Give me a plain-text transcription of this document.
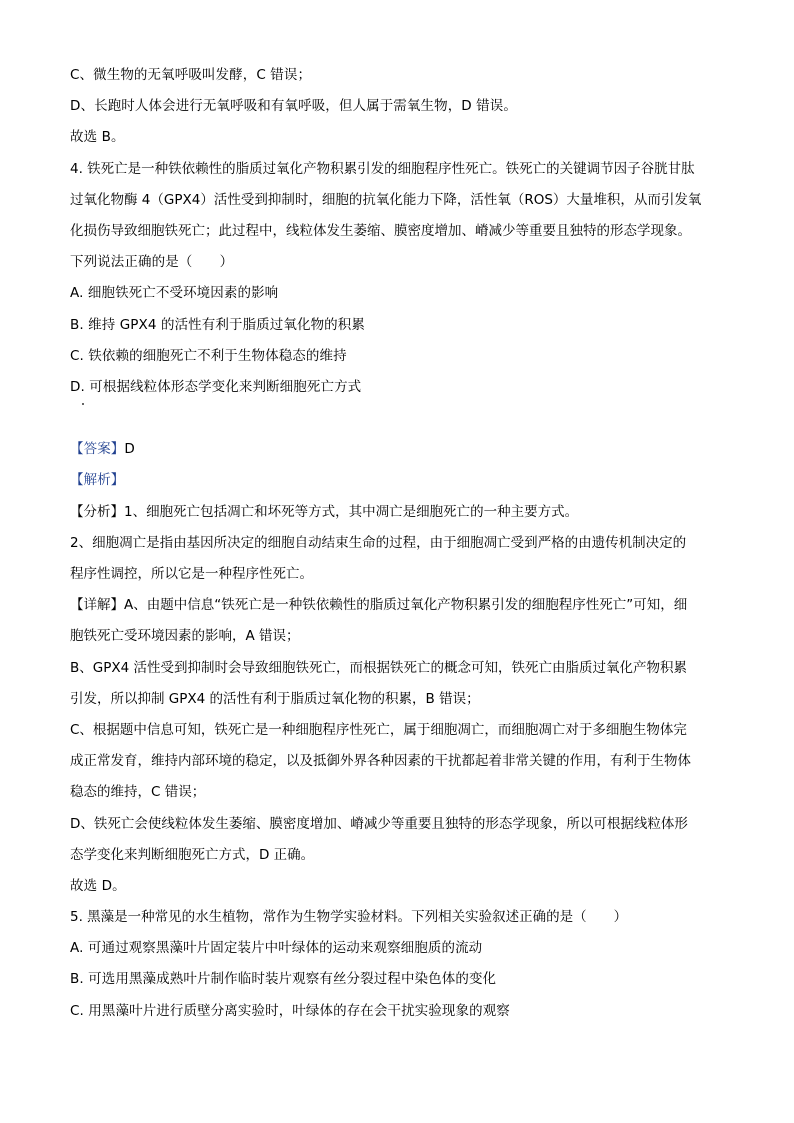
C、微生物的无氧呼吸叫发酵，C 错误；
D、长跑时人体会进行无氧呼吸和有氧呼吸，但人属于需氧生物，D 错误。
故选 B。
4. 铁死亡是一种铁依赖性的脂质过氧化产物积累引发的细胞程序性死亡。铁死亡的关键调节因子谷胱甘肽
过氧化物酶 4（GPX4）活性受到抑制时，细胞的抗氧化能力下降，活性氧（ROS）大量堆积，从而引发氧
化损伤导致细胞铁死亡；此过程中，线粒体发生萎缩、膜密度增加、嵴减少等重要且独特的形态学现象。
下列说法正确的是（　　）
A. 细胞铁死亡不受环境因素的影响
B. 维持 GPX4 的活性有利于脂质过氧化物的积累
C. 铁依赖的细胞死亡不利于生物体稳态的维持
D. 可根据线粒体形态学变化来判断细胞死亡方式
【答案】D
【解析】
【分析】1、细胞死亡包括凋亡和坏死等方式，其中凋亡是细胞死亡的一种主要方式。
2、细胞凋亡是指由基因所决定的细胞自动结束生命的过程，由于细胞凋亡受到严格的由遗传机制决定的
程序性调控，所以它是一种程序性死亡。
【详解】A、由题中信息“铁死亡是一种铁依赖性的脂质过氧化产物积累引发的细胞程序性死亡”可知，细
胞铁死亡受环境因素的影响，A 错误；
B、GPX4 活性受到抑制时会导致细胞铁死亡，而根据铁死亡的概念可知，铁死亡由脂质过氧化产物积累
引发，所以抑制 GPX4 的活性有利于脂质过氧化物的积累，B 错误；
C、根据题中信息可知，铁死亡是一种细胞程序性死亡，属于细胞凋亡，而细胞凋亡对于多细胞生物体完
成正常发育，维持内部环境的稳定，以及抵御外界各种因素的干扰都起着非常关键的作用，有利于生物体
稳态的维持，C 错误；
D、铁死亡会使线粒体发生萎缩、膜密度增加、嵴减少等重要且独特的形态学现象，所以可根据线粒体形
态学变化来判断细胞死亡方式，D 正确。
故选 D。
5. 黑藻是一种常见的水生植物，常作为生物学实验材料。下列相关实验叙述正确的是（　　）
A. 可通过观察黑藻叶片固定装片中叶绿体的运动来观察细胞质的流动
B. 可选用黑藻成熟叶片制作临时装片观察有丝分裂过程中染色体的变化
C. 用黑藻叶片进行质壁分离实验时，叶绿体的存在会干扰实验现象的观察
